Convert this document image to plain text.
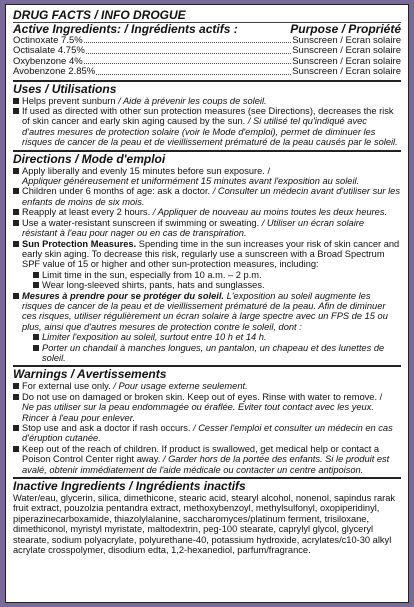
DRUG FACTS / INFO DROGUE
Active Ingredients: / Ingrédients actifs :	Purpose / Propriété
Octinoxate 7.5%	Sunscreen / Ecran solaire
Octisalate 4.75%	Sunscreen / Ecran solaire
Oxybenzone 4%	Sunscreen / Ecran solaire
Avobenzone 2.85%	Sunscreen / Ecran solaire
Uses / Utilisations

Helps prevent sunburn / Aide à prévenir les coups de soleil.

If used as directed with other sun protection measures (see Directions), decreases the risk of skin cancer and early skin aging caused by the sun. / Si utilisé tel qu'indiqué avec d'autres mesures de protection solaire (voir le Mode d'emploi), permet de diminuer les risques de cancer de la peau et de vieillissement prématuré de la peau causés par le soleil.

Directions / Mode d'emploi

Apply liberally and evenly 15 minutes before sun exposure. /
Appliquer généreusement et uniformément 15 minutes avant l'exposition au soleil.

Children under 6 months of age: ask a doctor. / Consulter un médecin avant d'utiliser sur les enfants de moins de six mois.

Reapply at least every 2 hours. / Appliquer de nouveau au moins toutes les deux heures.

Use a water-resistant sunscreen if swimming or sweating. / Utiliser un écran solaire résistant à l'eau pour nager ou en cas de transpiration.

Sun Protection Measures. Spending time in the sun increases your risk of skin cancer and early skin aging. To decrease this risk, regularly use a sunscreen with a Broad Spectrum SPF value of 15 or higher and other sun-protection measures, including:

Limit time in the sun, especially from 10 a.m. – 2 p.m.

Wear long-sleeved shirts, pants, hats and sunglasses.

Mesures à prendre pour se protéger du soleil. L'exposition au soleil augmente les risques de cancer de la peau et de vieillissement prématuré de la peau. Afin de diminuer ces risques, utiliser régulièrement un écran solaire à large spectre avec un FPS de 15 ou plus, ainsi que d'autres mesures de protection contre le soleil, dont :

Limiter l'exposition au soleil, surtout entre 10 h et 14 h.

Porter un chandail à manches longues, un pantalon, un chapeau et des lunettes de soleil.

Warnings / Avertissements

For external use only. / Pour usage externe seulement.

Do not use on damaged or broken skin. Keep out of eyes. Rinse with water to remove. /
Ne pas utiliser sur la peau endommagée ou éraflée. Eviter tout contact avec les yeux. Rincer à l'eau pour enlever.

Stop use and ask a doctor if rash occurs. / Cesser l'emploi et consulter un médecin en cas d'éruption cutanée.

Keep out of the reach of children. If product is swallowed, get medical help or contact a Poison Control Center right away. / Garder hors de la portée des enfants. Si le produit est avalé, obtenir immédiatement de l'aide médicale ou contacter un centre antipoison.

Inactive Ingredients / Ingrédients inactifs

Water/eau, glycerin, silica, dimethicone, stearic acid, stearyl alcohol, nonenol, sapindus rarak fruit extract, pouzolzia pentandra extract, methoxybenzoyl, methylsulfonyl, oxopiperidinyl, piperazinecarboxamide, thiazolylalanine, saccharomyces/platinum ferment, trisiloxane, dimethiconol, myristyl myristate, maltodextrin, peg-100 stearate, caprylyl glycol, glyceryl stearate, sodium polyacrylate, polyurethane-40, potassium hydroxide, acrylates/c10-30 alkyl acrylate crosspolymer, disodium edta, 1,2-hexanediol, parfum/fragrance.
